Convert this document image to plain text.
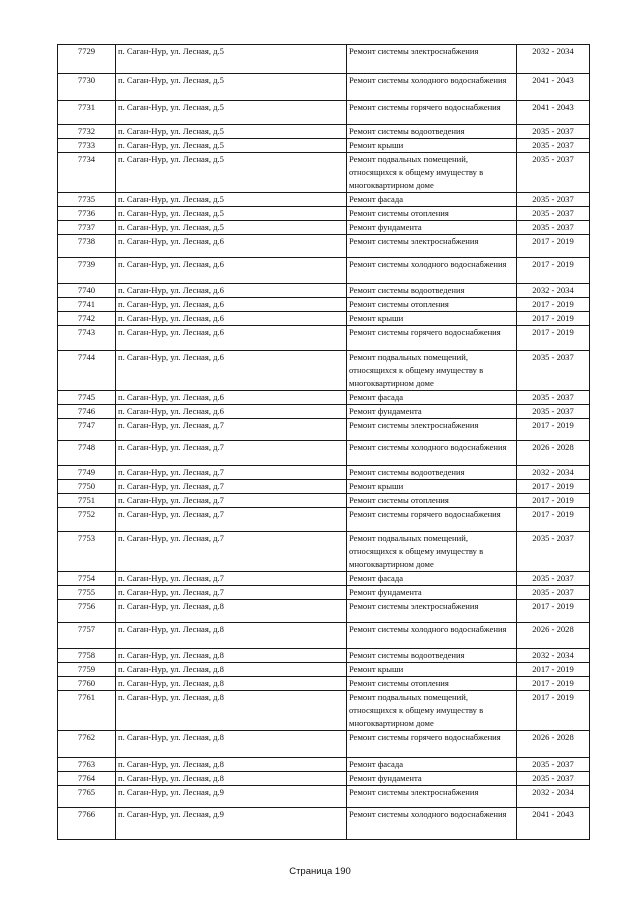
7729	п. Саган-Нур, ул. Лесная, д.5	Ремонт системы электроснабжения	2032 - 2034
7730	п. Саган-Нур, ул. Лесная, д.5	Ремонт системы холодного водоснабжения	2041 - 2043
7731	п. Саган-Нур, ул. Лесная, д.5	Ремонт системы горячего водоснабжения	2041 - 2043
7732	п. Саган-Нур, ул. Лесная, д.5	Ремонт системы водоотведения	2035 - 2037
7733	п. Саган-Нур, ул. Лесная, д.5	Ремонт крыши	2035 - 2037
7734	п. Саган-Нур, ул. Лесная, д.5	Ремонт подвальных помещений, относящихся к общему имуществу в многоквартирном доме	2035 - 2037
7735	п. Саган-Нур, ул. Лесная, д.5	Ремонт фасада	2035 - 2037
7736	п. Саган-Нур, ул. Лесная, д.5	Ремонт системы отопления	2035 - 2037
7737	п. Саган-Нур, ул. Лесная, д.5	Ремонт фундамента	2035 - 2037
7738	п. Саган-Нур, ул. Лесная, д.6	Ремонт системы электроснабжения	2017 - 2019
7739	п. Саган-Нур, ул. Лесная, д.6	Ремонт системы холодного водоснабжения	2017 - 2019
7740	п. Саган-Нур, ул. Лесная, д.6	Ремонт системы водоотведения	2032 - 2034
7741	п. Саган-Нур, ул. Лесная, д.6	Ремонт системы отопления	2017 - 2019
7742	п. Саган-Нур, ул. Лесная, д.6	Ремонт крыши	2017 - 2019
7743	п. Саган-Нур, ул. Лесная, д.6	Ремонт системы горячего водоснабжения	2017 - 2019
7744	п. Саган-Нур, ул. Лесная, д.6	Ремонт подвальных помещений, относящихся к общему имуществу в многоквартирном доме	2035 - 2037
7745	п. Саган-Нур, ул. Лесная, д.6	Ремонт фасада	2035 - 2037
7746	п. Саган-Нур, ул. Лесная, д.6	Ремонт фундамента	2035 - 2037
7747	п. Саган-Нур, ул. Лесная, д.7	Ремонт системы электроснабжения	2017 - 2019
7748	п. Саган-Нур, ул. Лесная, д.7	Ремонт системы холодного водоснабжения	2026 - 2028
7749	п. Саган-Нур, ул. Лесная, д.7	Ремонт системы водоотведения	2032 - 2034
7750	п. Саган-Нур, ул. Лесная, д.7	Ремонт крыши	2017 - 2019
7751	п. Саган-Нур, ул. Лесная, д.7	Ремонт системы отопления	2017 - 2019
7752	п. Саган-Нур, ул. Лесная, д.7	Ремонт системы горячего водоснабжения	2017 - 2019
7753	п. Саган-Нур, ул. Лесная, д.7	Ремонт подвальных помещений, относящихся к общему имуществу в многоквартирном доме	2035 - 2037
7754	п. Саган-Нур, ул. Лесная, д.7	Ремонт фасада	2035 - 2037
7755	п. Саган-Нур, ул. Лесная, д.7	Ремонт фундамента	2035 - 2037
7756	п. Саган-Нур, ул. Лесная, д.8	Ремонт системы электроснабжения	2017 - 2019
7757	п. Саган-Нур, ул. Лесная, д.8	Ремонт системы холодного водоснабжения	2026 - 2028
7758	п. Саган-Нур, ул. Лесная, д.8	Ремонт системы водоотведения	2032 - 2034
7759	п. Саган-Нур, ул. Лесная, д.8	Ремонт крыши	2017 - 2019
7760	п. Саган-Нур, ул. Лесная, д.8	Ремонт системы отопления	2017 - 2019
7761	п. Саган-Нур, ул. Лесная, д.8	Ремонт подвальных помещений, относящихся к общему имуществу в многоквартирном доме	2017 - 2019
7762	п. Саган-Нур, ул. Лесная, д.8	Ремонт системы горячего водоснабжения	2026 - 2028
7763	п. Саган-Нур, ул. Лесная, д.8	Ремонт фасада	2035 - 2037
7764	п. Саган-Нур, ул. Лесная, д.8	Ремонт фундамента	2035 - 2037
7765	п. Саган-Нур, ул. Лесная, д.9	Ремонт системы электроснабжения	2032 - 2034
7766	п. Саган-Нур, ул. Лесная, д.9	Ремонт системы холодного водоснабжения	2041 - 2043
Страница 190
